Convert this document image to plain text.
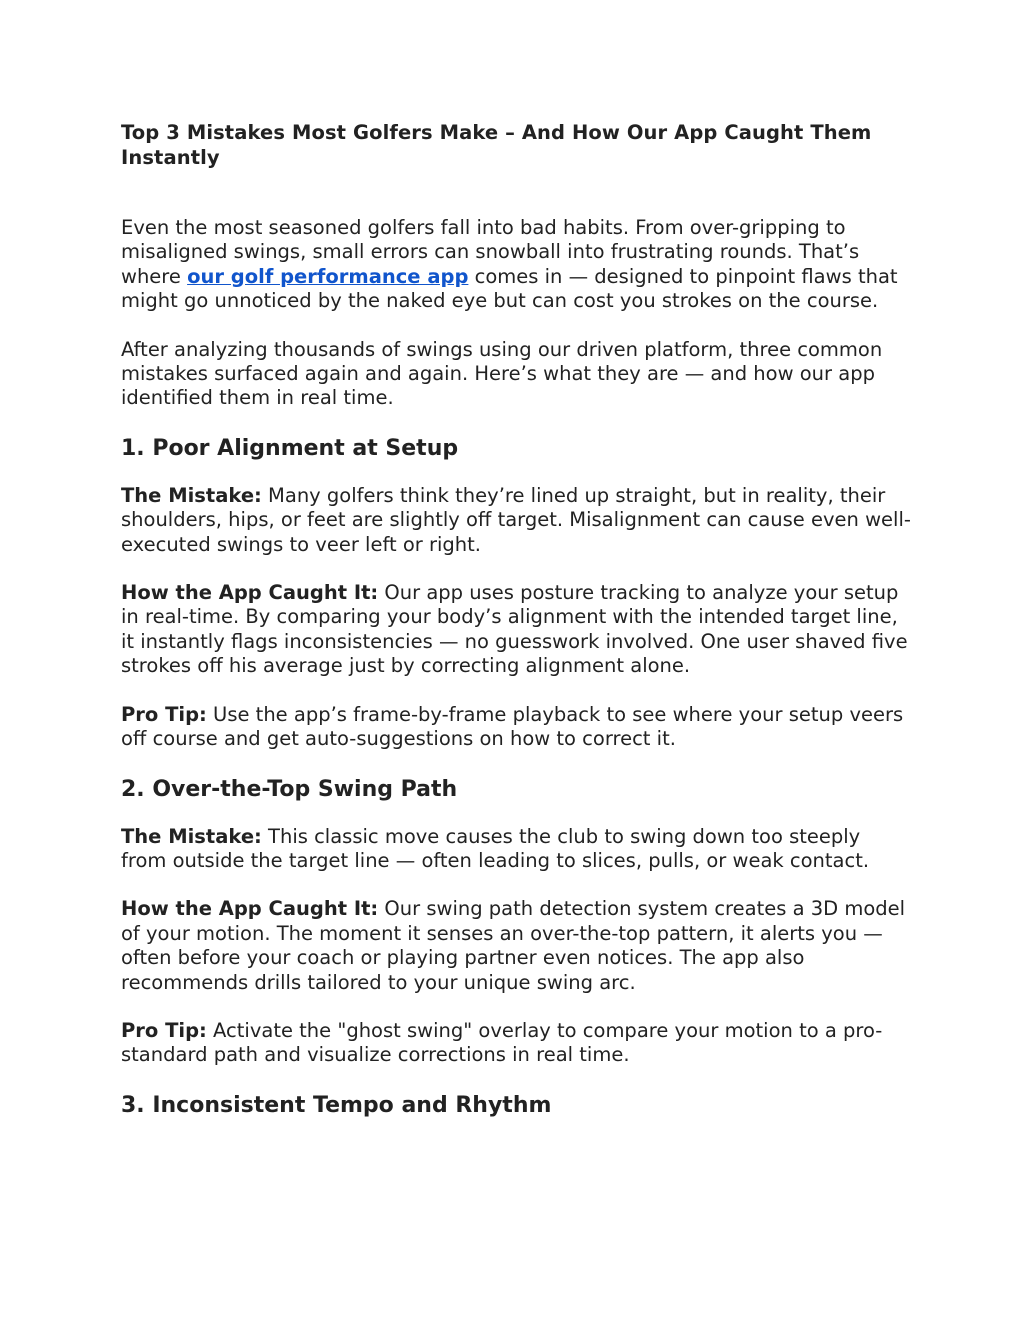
Top 3 Mistakes Most Golfers Make – And How Our App Caught Them Instantly

Even the most seasoned golfers fall into bad habits. From over-gripping to misaligned swings, small errors can snowball into frustrating rounds. That’s where our golf performance app comes in — designed to pinpoint flaws that might go unnoticed by the naked eye but can cost you strokes on the course.

After analyzing thousands of swings using our driven platform, three common mistakes surfaced again and again. Here’s what they are — and how our app identified them in real time.

1. Poor Alignment at Setup

The Mistake: Many golfers think they’re lined up straight, but in reality, their shoulders, hips, or feet are slightly off target. Misalignment can cause even well-executed swings to veer left or right.

How the App Caught It: Our app uses posture tracking to analyze your setup in real-time. By comparing your body’s alignment with the intended target line, it instantly flags inconsistencies — no guesswork involved. One user shaved five strokes off his average just by correcting alignment alone.

Pro Tip: Use the app’s frame-by-frame playback to see where your setup veers off course and get auto-suggestions on how to correct it.

2. Over-the-Top Swing Path

The Mistake: This classic move causes the club to swing down too steeply from outside the target line — often leading to slices, pulls, or weak contact.

How the App Caught It: Our swing path detection system creates a 3D model of your motion. The moment it senses an over-the-top pattern, it alerts you — often before your coach or playing partner even notices. The app also recommends drills tailored to your unique swing arc.

Pro Tip: Activate the "ghost swing" overlay to compare your motion to a pro-standard path and visualize corrections in real time.

3. Inconsistent Tempo and Rhythm
